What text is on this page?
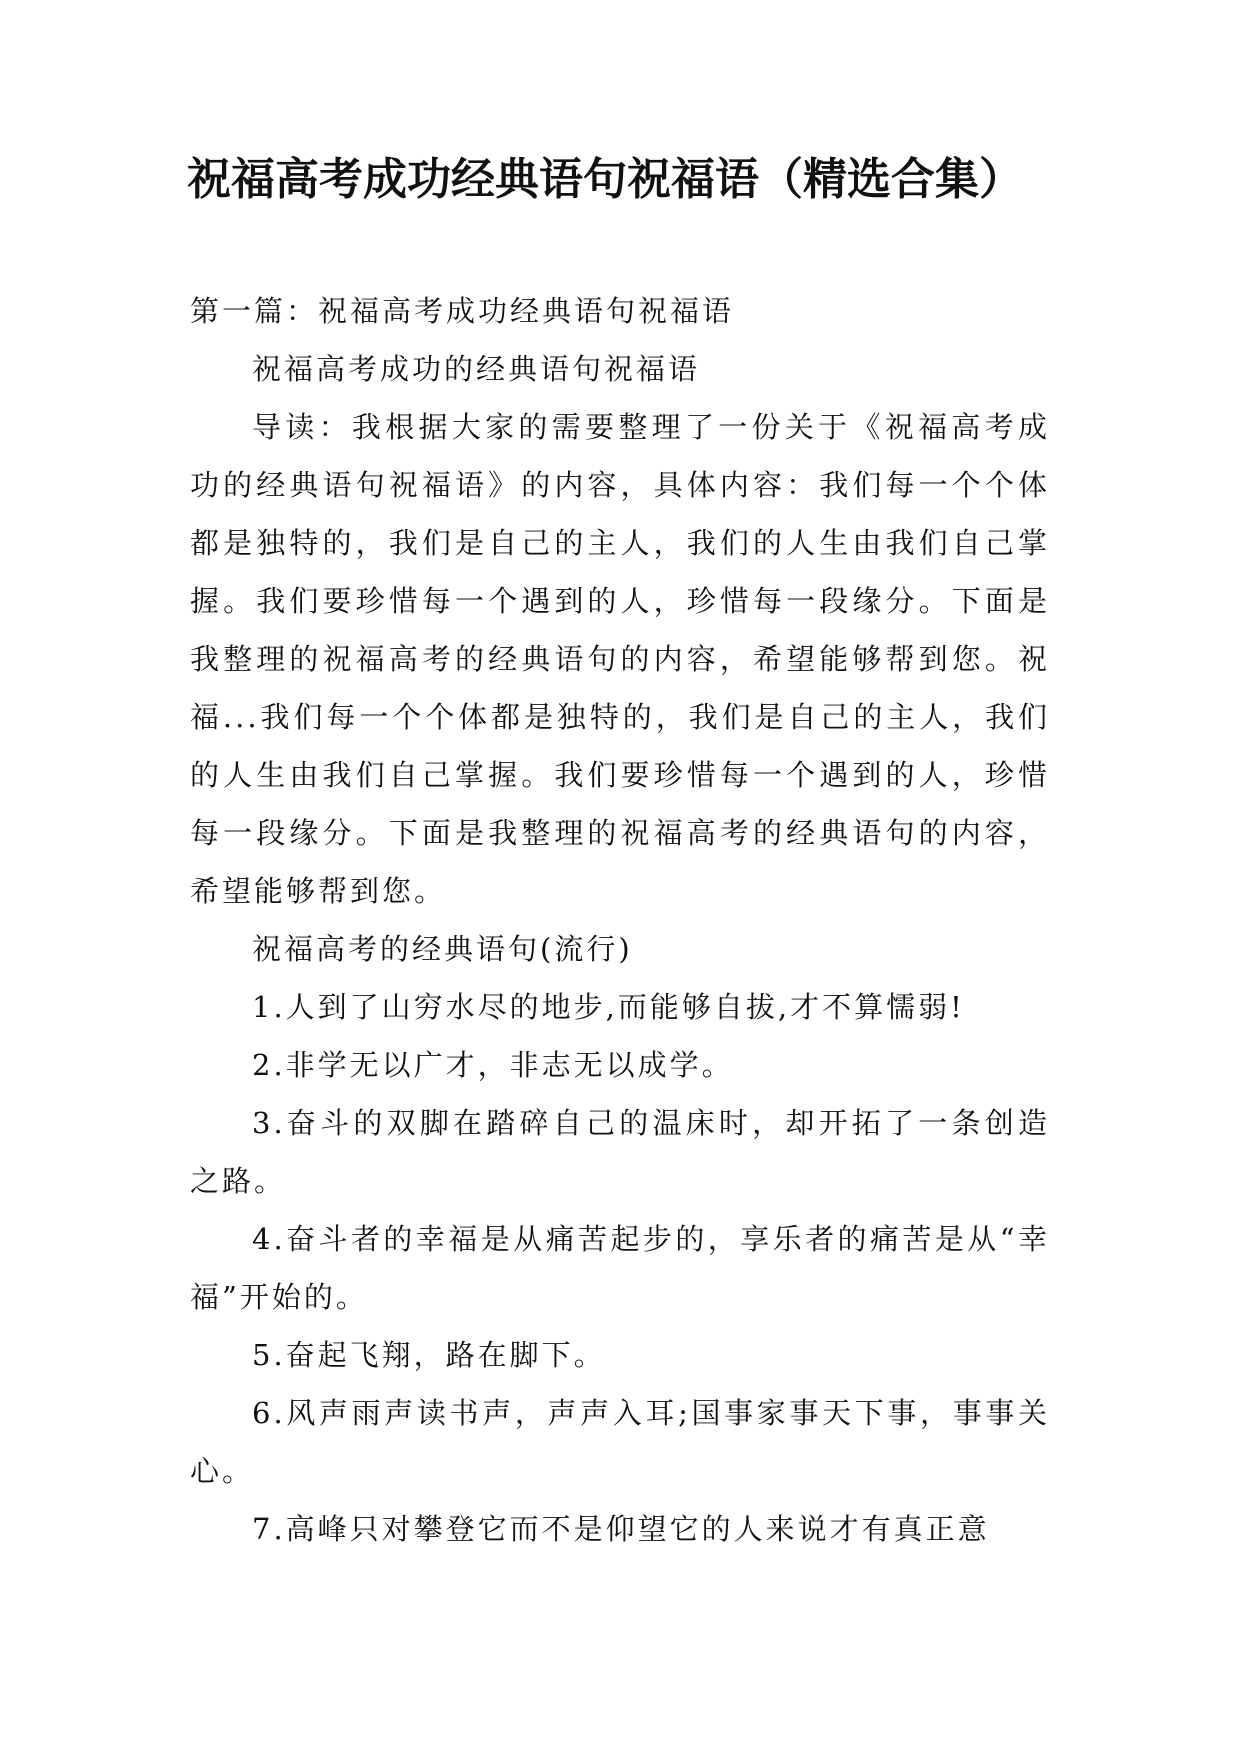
祝福高考成功经典语句祝福语（精选合集）

第一篇：祝福高考成功经典语句祝福语

祝福高考成功的经典语句祝福语

导读：我根据大家的需要整理了一份关于《祝福高考成功的经典语句祝福语》的内容，具体内容：我们每一个个体都是独特的，我们是自己的主人，我们的人生由我们自己掌握。我们要珍惜每一个遇到的人，珍惜每一段缘分。下面是我整理的祝福高考的经典语句的内容，希望能够帮到您。祝福...我们每一个个体都是独特的，我们是自己的主人，我们的人生由我们自己掌握。我们要珍惜每一个遇到的人，珍惜每一段缘分。下面是我整理的祝福高考的经典语句的内容，希望能够帮到您。

祝福高考的经典语句(流行)

1.人到了山穷水尽的地步,而能够自拔,才不算懦弱!

2.非学无以广才，非志无以成学。

3.奋斗的双脚在踏碎自己的温床时，却开拓了一条创造之路。

4.奋斗者的幸福是从痛苦起步的，享乐者的痛苦是从“幸福”开始的。

5.奋起飞翔，路在脚下。

6.风声雨声读书声，声声入耳;国事家事天下事，事事关心。

7.高峰只对攀登它而不是仰望它的人来说才有真正意
